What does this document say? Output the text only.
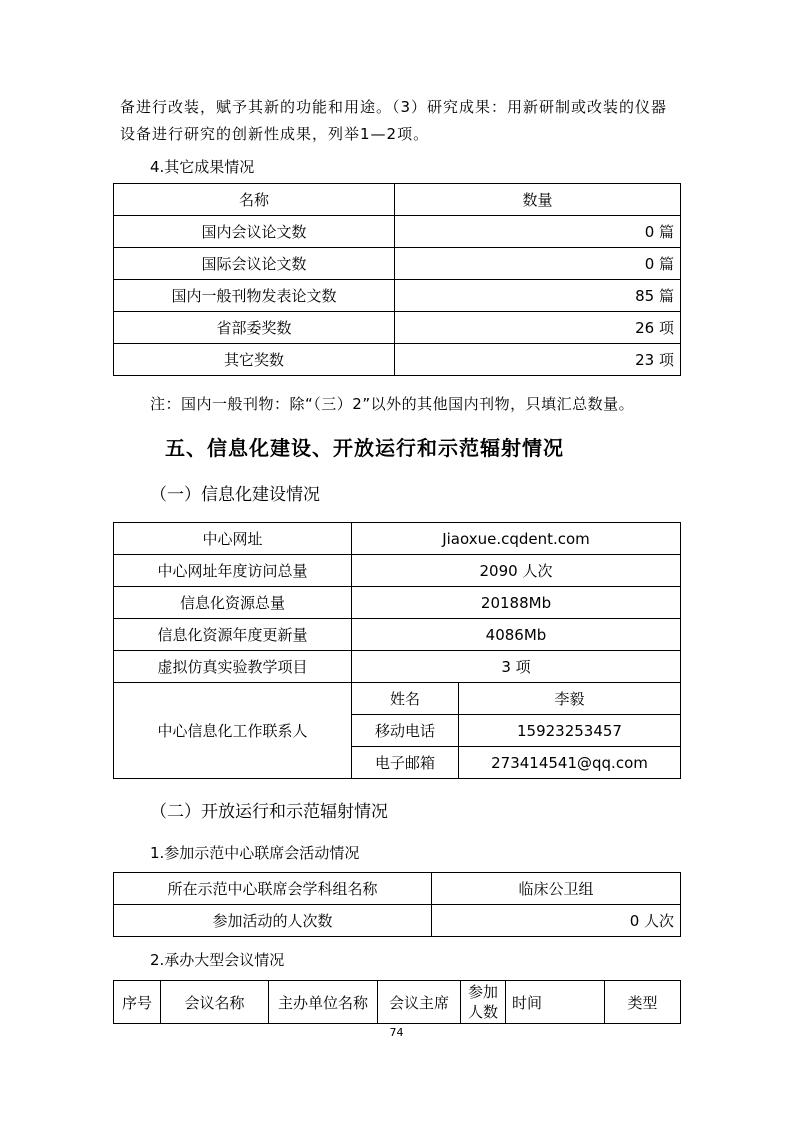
备进行改装，赋予其新的功能和用途。（3）研究成果：用新研制或改装的仪器
设备进行研究的创新性成果，列举1—2项。
4.其它成果情况
名称	数量
国内会议论文数	0 篇
国际会议论文数	0 篇
国内一般刊物发表论文数	85 篇
省部委奖数	26 项
其它奖数	23 项
注：国内一般刊物：除“（三）2”以外的其他国内刊物，只填汇总数量。
五、信息化建设、开放运行和示范辐射情况
（一）信息化建设情况
中心网址	Jiaoxue.cqdent.com	
中心网址年度访问总量	2090 人次	
信息化资源总量	20188Mb	
信息化资源年度更新量	4086Mb	
虚拟仿真实验教学项目	3 项	
中心信息化工作联系人	姓名	李毅
	移动电话	15923253457
	电子邮箱	273414541@qq.com
（二）开放运行和示范辐射情况
1.参加示范中心联席会活动情况
所在示范中心联席会学科组名称	临床公卫组
参加活动的人次数	0 人次
2.承办大型会议情况
序号	会议名称	主办单位名称	会议主席	参加人数	时间	类型
74
